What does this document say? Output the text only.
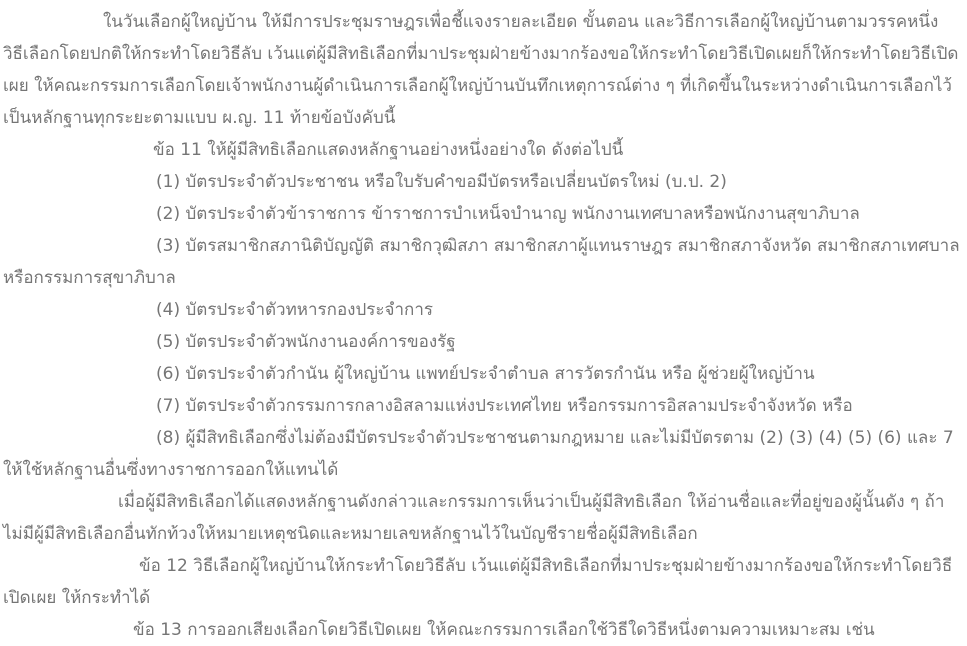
ในวันเลือกผู้ใหญ่บ้าน ให้มีการประชุมราษฎรเพื่อชี้แจงรายละเอียด ขั้นตอน และวิธีการเลือกผู้ใหญ่บ้านตามวรรคหนึ่ง วิธีเลือกโดยปกติให้กระทำโดยวิธีลับ เว้นแต่ผู้มีสิทธิเลือกที่มาประชุมฝ่ายข้างมากร้องขอให้กระทำโดยวิธีเปิดเผยก็ให้กระทำโดยวิธีเปิดเผย ให้คณะกรรมการเลือกโดยเจ้าพนักงานผู้ดำเนินการเลือกผู้ใหญ่บ้านบันทึกเหตุการณ์ต่าง ๆ ที่เกิดขึ้นในระหว่างดำเนินการเลือกไว้เป็นหลักฐานทุกระยะตามแบบ ผ.ญ. 11 ท้ายข้อบังคับนี้

ข้อ 11 ให้ผู้มีสิทธิเลือกแสดงหลักฐานอย่างหนึ่งอย่างใด ดังต่อไปนี้

(1) บัตรประจำตัวประชาชน หรือใบรับคำขอมีบัตรหรือเปลี่ยนบัตรใหม่ (บ.ป. 2)

(2) บัตรประจำตัวข้าราชการ ข้าราชการบำเหน็จบำนาญ พนักงานเทศบาลหรือพนักงานสุขาภิบาล

(3) บัตรสมาชิกสภานิติบัญญัติ สมาชิกวุฒิสภา สมาชิกสภาผู้แทนราษฎร สมาชิกสภาจังหวัด สมาชิกสภาเทศบาล หรือกรรมการสุขาภิบาล

(4) บัตรประจำตัวทหารกองประจำการ

(5) บัตรประจำตัวพนักงานองค์การของรัฐ

(6) บัตรประจำตัวกำนัน ผู้ใหญ่บ้าน แพทย์ประจำตำบล สารวัตรกำนัน หรือ ผู้ช่วยผู้ใหญ่บ้าน

(7) บัตรประจำตัวกรรมการกลางอิสลามแห่งประเทศไทย หรือกรรมการอิสลามประจำจังหวัด หรือ

(8) ผู้มีสิทธิเลือกซึ่งไม่ต้องมีบัตรประจำตัวประชาชนตามกฎหมาย และไม่มีบัตรตาม (2) (3) (4) (5) (6) และ 7 ให้ใช้หลักฐานอื่นซึ่งทางราชการออกให้แทนได้

เมื่อผู้มีสิทธิเลือกได้แสดงหลักฐานดังกล่าวและกรรมการเห็นว่าเป็นผู้มีสิทธิเลือก ให้อ่านชื่อและที่อยู่ของผู้นั้นดัง ๆ ถ้าไม่มีผู้มีสิทธิเลือกอื่นทักท้วงให้หมายเหตุชนิดและหมายเลขหลักฐานไว้ในบัญชีรายชื่อผู้มีสิทธิเลือก

ข้อ 12 วิธีเลือกผู้ใหญ่บ้านให้กระทำโดยวิธีลับ เว้นแต่ผู้มีสิทธิเลือกที่มาประชุมฝ่ายข้างมากร้องขอให้กระทำโดยวิธีเปิดเผย ให้กระทำได้

ข้อ 13 การออกเสียงเลือกโดยวิธีเปิดเผย ให้คณะกรรมการเลือกใช้วิธีใดวิธีหนึ่งตามความเหมาะสม เช่น
